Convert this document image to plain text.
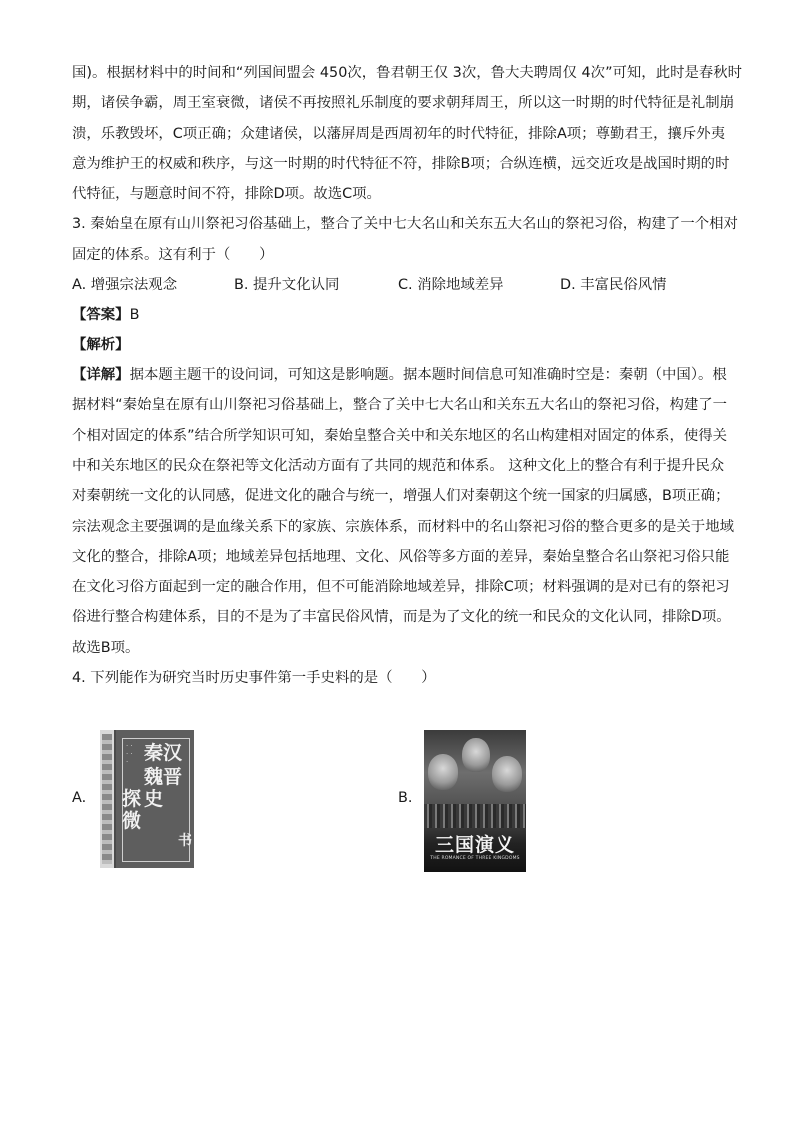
国)。根据材料中的时间和“列国间盟会 450次，鲁君朝王仅 3次，鲁大夫聘周仅 4次”可知，此时是春秋时

期，诸侯争霸，周王室衰微，诸侯不再按照礼乐制度的要求朝拜周王，所以这一时期的时代特征是礼制崩

溃，乐教毁坏，C项正确；众建诸侯，以藩屏周是西周初年的时代特征，排除A项；尊勤君王，攘斥外夷

意为维护王的权威和秩序，与这一时期的时代特征不符，排除B项；合纵连横，远交近攻是战国时期的时

代特征，与题意时间不符，排除D项。故选C项。

3. 秦始皇在原有山川祭祀习俗基础上，整合了关中七大名山和关东五大名山的祭祀习俗，构建了一个相对

固定的体系。这有利于（　　）

A. 增强宗法观念	B. 提升文化认同	C. 消除地域差异	D. 丰富民俗风情

【答案】B

【解析】

【详解】据本题主题干的设问词，可知这是影响题。据本题时间信息可知准确时空是：秦朝（中国）。根

据材料“秦始皇在原有山川祭祀习俗基础上，整合了关中七大名山和关东五大名山的祭祀习俗，构建了一

个相对固定的体系”结合所学知识可知，秦始皇整合关中和关东地区的名山构建相对固定的体系，使得关

中和关东地区的民众在祭祀等文化活动方面有了共同的规范和体系。 这种文化上的整合有利于提升民众

对秦朝统一文化的认同感，促进文化的融合与统一，增强人们对秦朝这个统一国家的归属感，B项正确；

宗法观念主要强调的是血缘关系下的家族、宗族体系，而材料中的名山祭祀习俗的整合更多的是关于地域

文化的整合，排除A项；地域差异包括地理、文化、风俗等多方面的差异，秦始皇整合名山祭祀习俗只能

在文化习俗方面起到一定的融合作用，但不可能消除地域差异，排除C项；材料强调的是对已有的祭祀习

俗进行整合构建体系，目的不是为了丰富民俗风情，而是为了文化的统一和民众的文化认同，排除D项。

故选B项。

4. 下列能作为研究当时历史事件第一手史料的是（　　）

A.
· · · · · 秦汉
魏晋史
探
微
书
B.
三国演义
THE ROMANCE OF THREE KINGDOMS
